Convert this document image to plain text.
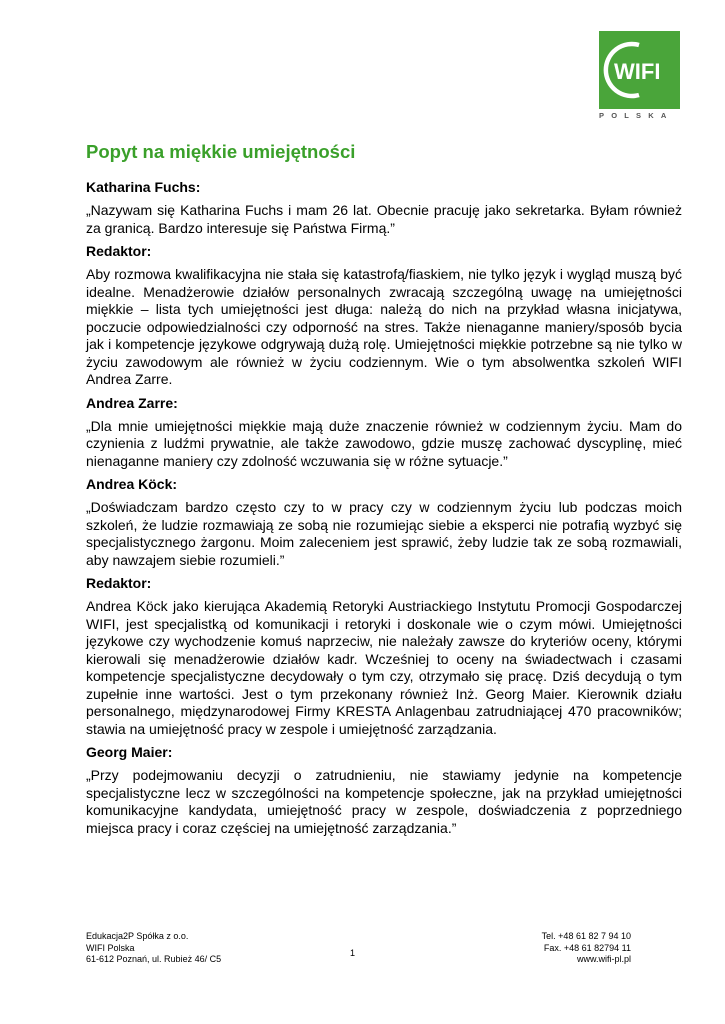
WIFI
POLSKA
Popyt na miękkie umiejętności
Katharina Fuchs:

„Nazywam się Katharina Fuchs i mam 26 lat. Obecnie pracuję jako sekretarka. Byłam również za granicą. Bardzo interesuje się Państwa Firmą.”

Redaktor:

Aby rozmowa kwalifikacyjna nie stała się katastrofą/fiaskiem, nie tylko język i wygląd muszą być idealne. Menadżerowie działów personalnych zwracają szczególną uwagę na umiejętności miękkie – lista tych umiejętności jest długa: należą do nich na przykład własna inicjatywa, poczucie odpowiedzialności czy odporność na stres. Także nienaganne maniery/sposób bycia jak i kompetencje językowe odgrywają dużą rolę. Umiejętności miękkie potrzebne są nie tylko w życiu zawodowym ale również w życiu codziennym. Wie o tym absolwentka szkoleń WIFI Andrea Zarre.

Andrea Zarre:

„Dla mnie umiejętności miękkie mają duże znaczenie również w codziennym życiu. Mam do czynienia z ludźmi prywatnie, ale także zawodowo, gdzie muszę zachować dyscyplinę, mieć nienaganne maniery czy zdolność wczuwania się w różne sytuacje.”

Andrea Köck:

„Doświadczam bardzo często czy to w pracy czy w codziennym życiu lub podczas moich szkoleń, że ludzie rozmawiają ze sobą nie rozumiejąc siebie a eksperci nie potrafią wyzbyć się specjalistycznego żargonu. Moim zaleceniem jest sprawić, żeby ludzie tak ze sobą rozmawiali, aby nawzajem siebie rozumieli.”

Redaktor:

Andrea Köck jako kierująca Akademią Retoryki Austriackiego Instytutu Promocji Gospodarczej WIFI, jest specjalistką od komunikacji i retoryki i doskonale wie o czym mówi. Umiejętności językowe czy wychodzenie komuś naprzeciw, nie należały zawsze do kryteriów oceny, którymi kierowali się menadżerowie działów kadr. Wcześniej to oceny na świadectwach i czasami kompetencje specjalistyczne decydowały o tym czy, otrzymało się pracę. Dziś decydują o tym zupełnie inne wartości. Jest o tym przekonany również Inż. Georg Maier. Kierownik działu personalnego, międzynarodowej Firmy KRESTA Anlagenbau zatrudniającej 470 pracowników; stawia na umiejętność pracy w zespole i umiejętność zarządzania.

Georg Maier:

„Przy podejmowaniu decyzji o zatrudnieniu, nie stawiamy jedynie na kompetencje specjalistyczne lecz w szczególności na kompetencje społeczne, jak na przykład umiejętności komunikacyjne kandydata, umiejętność pracy w zespole, doświadczenia z poprzedniego miejsca pracy i coraz częściej na umiejętność zarządzania.”

Edukacja2P Spółka z o.o.
WIFI Polska
61-612 Poznań, ul. Rubież 46/ C5
1
Tel. +48 61 82 7 94 10
Fax. +48 61 82794 11
www.wifi-pl.pl
